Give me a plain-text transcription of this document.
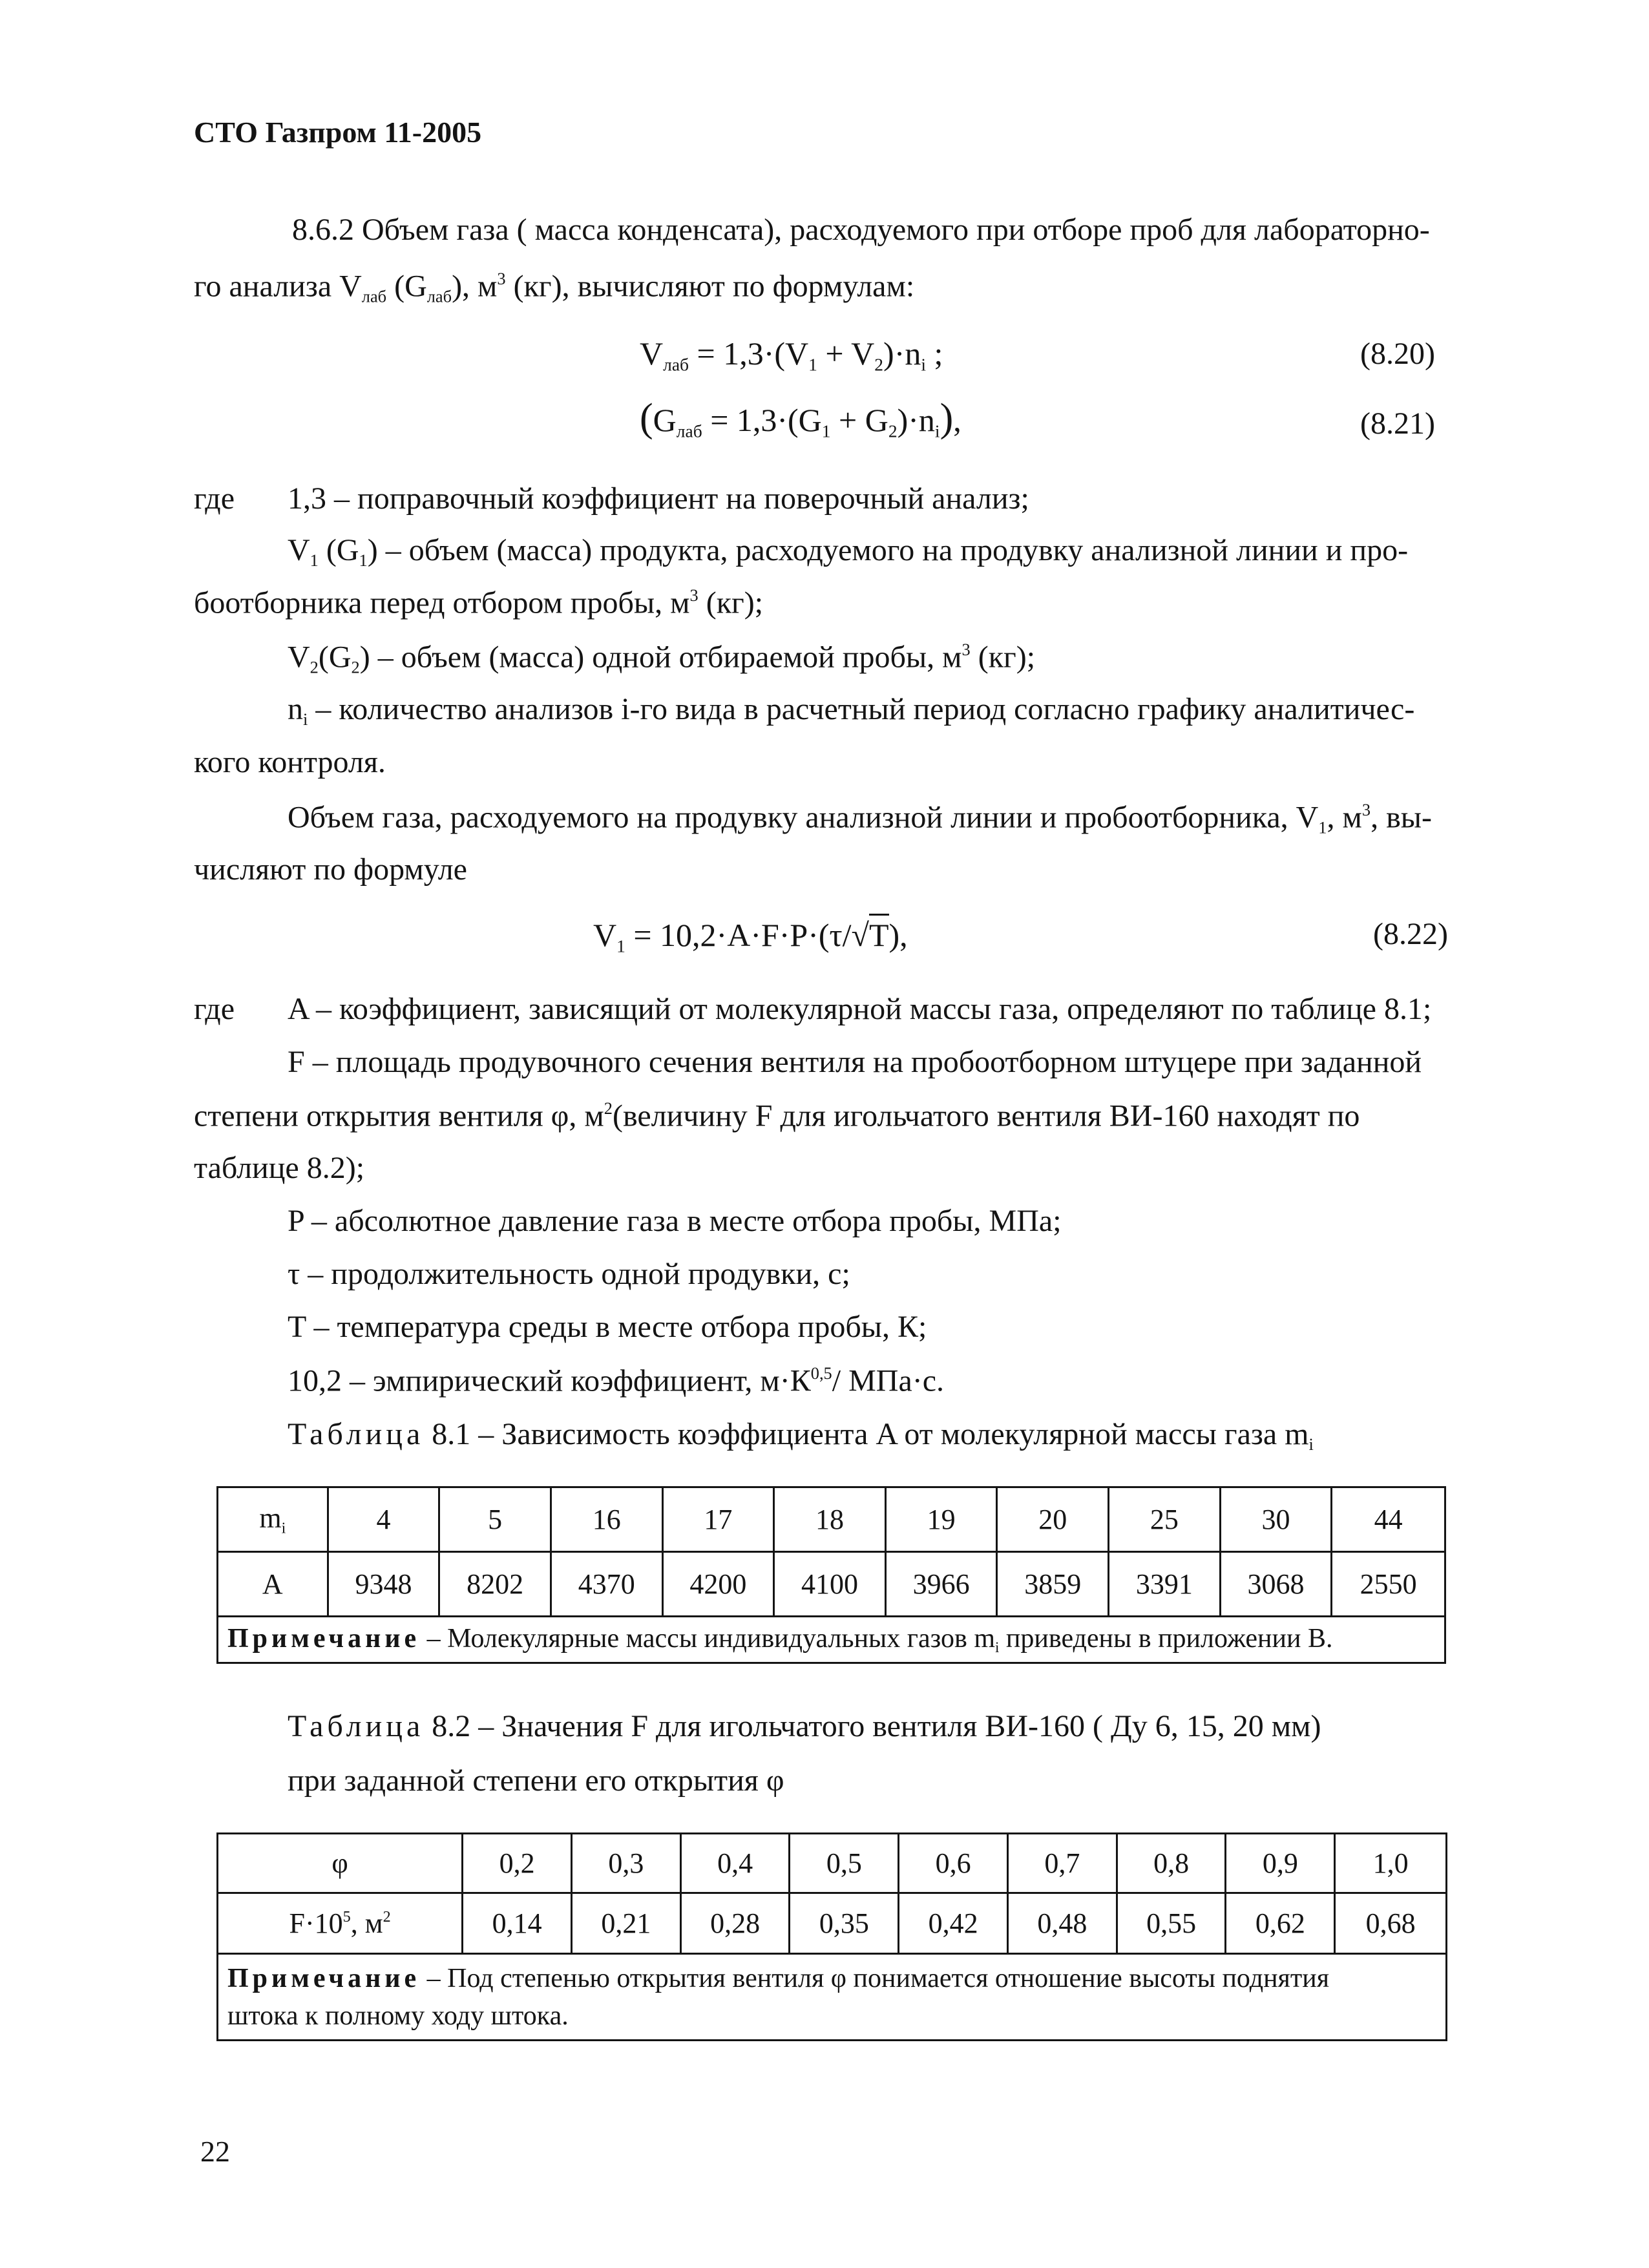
СТО Газпром 11-2005
8.6.2 Объем газа ( масса конденсата), расходуемого при отборе проб для лабораторно-
го анализа $V_{лаб}$ $(G_{лаб})$, $м^3$ (кг), вычисляют по формулам:
$V_{лаб} = 1,3\cdot(V_1 + V_2)\cdot n_i$ ;	(8.20)
$(G_{лаб} = 1,3\cdot(G_1 + G_2)\cdot n_i)$,	(8.21)
где 1,3 – поправочный коэффициент на поверочный анализ;
$V_1$ $(G_1)$ – объем (масса) продукта, расходуемого на продувку анализной линии и про-
боотборника перед отбором пробы, $м^3$ (кг);
$V_2(G_2)$ – объем (масса) одной отбираемой пробы, $м^3$ (кг);
$n_i$ – количество анализов i-го вида в расчетный период согласно графику аналитичес-
кого контроля.
Объем газа, расходуемого на продувку анализной линии и пробоотборника, $V_1$, $м^3$, вы-
числяют по формуле
$V_1 = 10,2\cdot A\cdot F\cdot P\cdot(\tau/√T)$,	(8.22)
где A – коэффициент, зависящий от молекулярной массы газа, определяют по таблице 8.1;
F – площадь продувочного сечения вентиля на пробоотборном штуцере при заданной
степени открытия вентиля φ, $м^2(величину$ F для игольчатого вентиля ВИ-160 находят по
таблице 8.2);
P – абсолютное давление газа в месте отбора пробы, МПа;
τ – продолжительность одной продувки, с;
T – температура среды в месте отбора пробы, К;
10,2 – эмпирический коэффициент, $м\cdot К^{0,5}/$ МПа·с.
Таблица 8.1 – Зависимость коэффициента A от молекулярной массы газа $m_i$
$m_i$	4	5	16	17	18	19	20	25	30	44
A	9348	8202	4370	4200	4100	3966	3859	3391	3068	2550
Примечание – Молекулярные массы индивидуальных газов $m_i$ приведены в приложении В.										
Таблица 8.2 – Значения F для игольчатого вентиля ВИ-160 ( Ду 6, 15, 20 мм)
при заданной степени его открытия φ
φ	0,2	0,3	0,4	0,5	0,6	0,7	0,8	0,9	1,0
$F\cdot 10^5$, $м^2$	0,14	0,21	0,28	0,35	0,42	0,48	0,55	0,62	0,68
Примечание – Под степенью открытия вентиля φ понимается отношение высоты поднятия
штока к полному ходу штока.									
22
